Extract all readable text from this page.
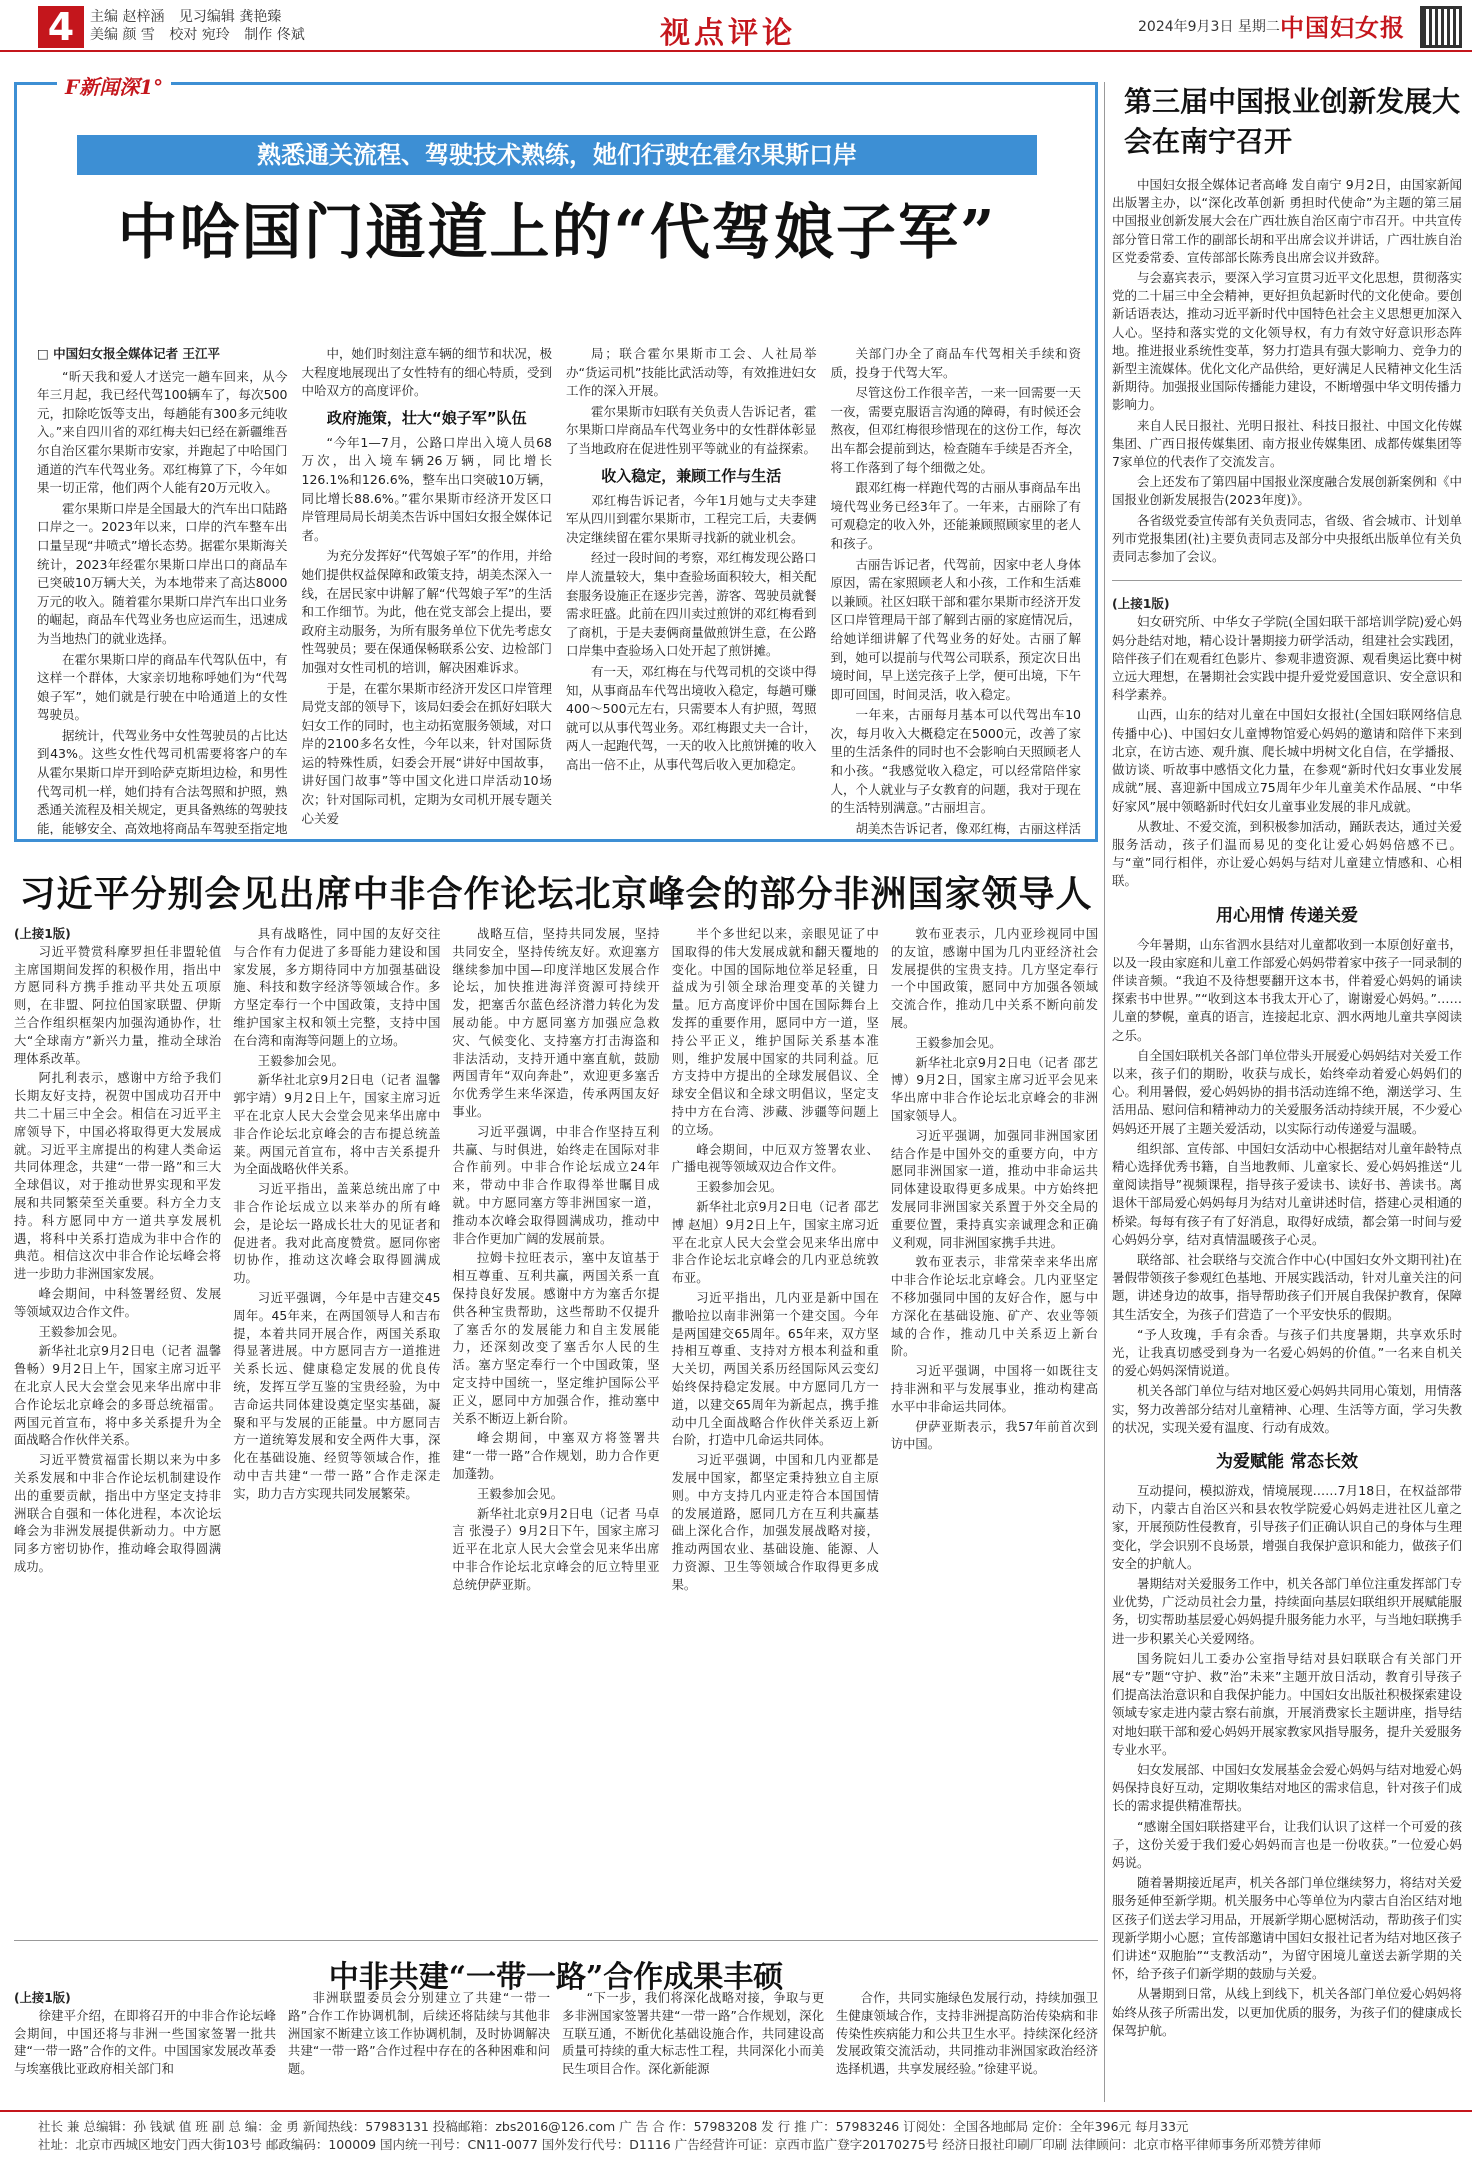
4	主编 赵梓涵 见习编辑 龚艳臻
美编 颜 雪 校对 宛玲 制作 佟斌	视点评论	2024年9月3日 星期二 中国妇女报
F新闻深1°
熟悉通关流程、驾驶技术熟练，她们行驶在霍尔果斯口岸
中哈国门通道上的“代驾娘子军”
□ 中国妇女报全媒体记者 王江平

“昕天我和爱人才送完一趟车回来，从今年三月起，我已经代驾100辆车了，每次500元，扣除吃饭等支出，每趟能有300多元纯收入。”来自四川省的邓红梅夫妇已经在新疆维吾尔自治区霍尔果斯市安家，并跑起了中哈国门通道的汽车代驾业务。邓红梅算了下，今年如果一切正常，他们两个人能有20万元收入。

霍尔果斯口岸是全国最大的汽车出口陆路口岸之一。2023年以来，口岸的汽车整车出口量呈现“井喷式”增长态势。据霍尔果斯海关统计，2023年经霍尔果斯口岸出口的商品车已突破10万辆大关，为本地带来了高达8000万元的收入。随着霍尔果斯口岸汽车出口业务的崛起，商品车代驾业务也应运而生，迅速成为当地热门的就业选择。

在霍尔果斯口岸的商品车代驾队伍中，有这样一个群体，大家亲切地称呼她们为“代驾娘子军”，她们就是行驶在中哈通道上的女性驾驶员。

据统计，代驾业务中女性驾驶员的占比达到43%。这些女性代驾司机需要将客户的车从霍尔果斯口岸开到哈萨克斯坦边检，和男性代驾司机一样，她们持有合法驾照和护照，熟悉通关流程及相关规定，更具备熟练的驾驶技能，能够安全、高效地将商品车驾驶至指定地

中，她们时刻注意车辆的细节和状况，极大程度地展现出了女性特有的细心特质，受到中哈双方的高度评价。

政府施策，壮大“娘子军”队伍

“今年1—7月，公路口岸出入境人员68万次，出入境车辆26万辆，同比增长126.1%和126.6%，整车出口突破10万辆，同比增长88.6%。”霍尔果斯市经济开发区口岸管理局局长胡美杰告诉中国妇女报全媒体记者。

为充分发挥好“代驾娘子军”的作用，并给她们提供权益保障和政策支持，胡美杰深入一线，在居民家中讲解了解“代驾娘子军”的生活和工作细节。为此，他在党支部会上提出，要政府主动服务，为所有服务单位下优先考虑女性驾驶员；要在保通保畅联系公安、边检部门加强对女性司机的培训，解决困难诉求。

于是，在霍尔果斯市经济开发区口岸管理局党支部的领导下，该局妇委会在抓好妇联大妇女工作的同时，也主动拓宽服务领域，对口岸的2100多名女性，今年以来，针对国际货运的特殊性质，妇委会开展“讲好中国故事，讲好国门故事”等中国文化进口岸活动10场次；针对国际司机，定期为女司机开展专题关心关爱

局；联合霍尔果斯市工会、人社局举办“货运司机”技能比武活动等，有效推进妇女工作的深入开展。

霍尔果斯市妇联有关负责人告诉记者，霍尔果斯口岸商品车代驾业务中的女性群体彰显了当地政府在促进性别平等就业的有益探索。

收入稳定，兼顾工作与生活

邓红梅告诉记者，今年1月她与丈夫李建军从四川到霍尔果斯市，工程完工后，夫妻俩决定继续留在霍尔果斯寻找新的就业机会。

经过一段时间的考察，邓红梅发现公路口岸人流量较大，集中查验场面积较大，相关配套服务设施正在逐步完善，游客、驾驶员就餐需求旺盛。此前在四川卖过煎饼的邓红梅看到了商机，于是夫妻俩商量做煎饼生意，在公路口岸集中查验场入口处开起了煎饼摊。

有一天，邓红梅在与代驾司机的交谈中得知，从事商品车代驾出境收入稳定，每趟可赚400～500元左右，只需要本人有护照，驾照就可以从事代驾业务。邓红梅跟丈夫一合计，两人一起跑代驾，一天的收入比煎饼摊的收入高出一倍不止，从事代驾后收入更加稳定。

关部门办全了商品车代驾相关手续和资质，投身于代驾大军。

尽管这份工作很辛苦，一来一回需要一天一夜，需要克服语言沟通的障碍，有时候还会熬夜，但邓红梅很珍惜现在的这份工作，每次出车都会提前到达，检查随车手续是否齐全，将工作落到了每个细微之处。

跟邓红梅一样跑代驾的古丽从事商品车出境代驾业务已经3年了。一年来，古丽除了有可观稳定的收入外，还能兼顾照顾家里的老人和孩子。

古丽告诉记者，代驾前，因家中老人身体原因，需在家照顾老人和小孩，工作和生活难以兼顾。社区妇联干部和霍尔果斯市经济开发区口岸管理局干部了解到古丽的家庭情况后，给她详细讲解了代驾业务的好处。古丽了解到，她可以提前与代驾公司联系，预定次日出境时间，早上送完孩子上学，便可出境，下午即可回国，时间灵活，收入稳定。

一年来，古丽每月基本可以代驾出车10次，每月收入大概稳定在5000元，改善了家里的生活条件的同时也不会影响白天照顾老人和小孩。“我感觉收入稳定，可以经常陪伴家人，个人就业与子女教育的问题，我对于现在的生活特别满意。”古丽坦言。

胡美杰告诉记者，像邓红梅，古丽这样活

第三届中国报业创新发展大会在南宁召开

中国妇女报全媒体记者高峰 发自南宁 9月2日，由国家新闻出版署主办，以“深化改革创新 勇担时代使命”为主题的第三届中国报业创新发展大会在广西壮族自治区南宁市召开。中共宣传部分管日常工作的副部长胡和平出席会议并讲话，广西壮族自治区党委常委、宣传部部长陈秀良出席会议并致辞。

与会嘉宾表示，要深入学习宣贯习近平文化思想，贯彻落实党的二十届三中全会精神，更好担负起新时代的文化使命。要创新话语表达，推动习近平新时代中国特色社会主义思想更加深入人心。坚持和落实党的文化领导权，有力有效守好意识形态阵地。推进报业系统性变革，努力打造具有强大影响力、竞争力的新型主流媒体。优化文化产品供给，更好满足人民精神文化生活新期待。加强报业国际传播能力建设，不断增强中华文明传播力影响力。

来自人民日报社、光明日报社、科技日报社、中国文化传媒集团、广西日报传媒集团、南方报业传媒集团、成都传媒集团等7家单位的代表作了交流发言。

会上还发布了第四届中国报业深度融合发展创新案例和《中国报业创新发展报告(2023年度)》。

各省级党委宣传部有关负责同志，省级、省会城市、计划单列市党报集团(社)主要负责同志及部分中央报纸出版单位有关负责同志参加了会议。

(上接1版)

妇女研究所、中华女子学院(全国妇联干部培训学院)爱心妈妈分赴结对地，精心设计暑期接力研学活动，组建社会实践团，陪伴孩子们在观看红色影片、参观非遗资源、观看奥运比赛中树立远大理想，在暑期社会实践中提升爱党爱国意识、安全意识和科学素养。

山西，山东的结对儿童在中国妇女报社(全国妇联网络信息传播中心)、中国妇女儿童博物馆爱心妈妈的邀请和陪伴下来到北京，在访古迹、观升旗、爬长城中坍树文化自信，在学播报、做访谈、听故事中感悟文化力量，在参观“新时代妇女事业发展成就”展、喜迎新中国成立75周年少年儿童美术作品展、“中华好家风”展中领略新时代妇女儿童事业发展的非凡成就。

从教址、不爱交流，到积极参加活动，踊跃表达，通过关爱服务活动，孩子们温而易见的变化让爱心妈妈倍感不已。与“童”同行相伴，亦让爱心妈妈与结对儿童建立情感和、心相联。

用心用情 传递关爱

今年暑期，山东省泗水县结对儿童都收到一本原创好童书，以及一段由家庭和儿童工作部爱心妈妈带着家中孩子一同录制的伴读音频。“我迫不及待想要翻开这本书，伴着爱心妈妈的诵读探索书中世界。”“收到这本书我太开心了，谢谢爱心妈妈。”……儿童的梦幌，童真的语言，连接起北京、泗水两地儿童共享阅读之乐。

自全国妇联机关各部门单位带头开展爱心妈妈结对关爱工作以来，孩子们的期盼，收获与成长，始终牵动着爱心妈妈们的心。利用暑假，爱心妈妈协的捐书活动连绵不绝，潮送学习、生活用品、慰问信和精神动力的关爱服务活动持续开展，不少爱心妈妈还开展了主题关爱活动，以实际行动传递爱与温暖。

组织部、宣传部、中国妇女活动中心根据结对儿童年龄特点精心选择优秀书籍，自当地教师、儿童家长、爱心妈妈推送“儿童阅读指导”视频课程，指导孩子爱读书、读好书、善读书。离退休干部局爱心妈妈每月为结对儿童讲述时信，搭建心灵相通的桥梁。每每有孩子有了好消息，取得好成绩，都会第一时间与爱心妈妈分享，结对真情温暖孩子心灵。

联络部、社会联络与交流合作中心(中国妇女外文期刊社)在暑假带领孩子参观红色基地、开展实践活动，针对儿童关注的问题，讲述身边的故事，指导帮助孩子们开展自我保护教育，保障其生活安全，为孩子们营造了一个平安快乐的假期。

“予人玫瑰，手有余香。与孩子们共度暑期，共享欢乐时光，让我真切感受到身为一名爱心妈妈的价值。”一名来自机关的爱心妈妈深情说道。

机关各部门单位与结对地区爱心妈妈共同用心策划，用情落实，努力改善部分结对儿童精神、心理、生活等方面，学习失教的状况，实现关爱有温度、行动有成效。

为爱赋能 常态长效

互动提问，模拟游戏，情境展现……7月18日，在权益部带动下，内蒙古自治区兴和县农牧学院爱心妈妈走进社区儿童之家，开展预防性侵教育，引导孩子们正确认识自己的身体与生理变化，学会识别不良场景，增强自我保护意识和能力，做孩子们安全的护航人。

暑期结对关爱服务工作中，机关各部门单位注重发挥部门专业优势，广泛动员社会力量，持续面向基层妇联组织开展赋能服务，切实帮助基层爱心妈妈提升服务能力水平，与当地妇联携手进一步积累关心关爱网络。

国务院妇儿工委办公室指导结对县妇联联合有关部门开展“专”题“守护、救”治”未来”主题开放日活动，教育引导孩子们提高法治意识和自我保护能力。中国妇女出版社积极探索建设领域专家走进内蒙古察右前旗，开展消费家长主题讲座，指导结对地妇联干部和爱心妈妈开展家教家风指导服务，提升关爱服务专业水平。

妇女发展部、中国妇女发展基金会爱心妈妈与结对地爱心妈妈保持良好互动，定期收集结对地区的需求信息，针对孩子们成长的需求提供精准帮扶。

“感谢全国妇联搭建平台，让我们认识了这样一个可爱的孩子，这份关爱于我们爱心妈妈而言也是一份收获。”一位爱心妈妈说。

随着暑期接近尾声，机关各部门单位继续努力，将结对关爱服务延伸至新学期。机关服务中心等单位为内蒙古自治区结对地区孩子们送去学习用品，开展新学期心愿树活动，帮助孩子们实现新学期小心愿；宣传部邀请中国妇女报社记者为结对地区孩子们讲述“双胞胎”“支教活动”，为留守困境儿童送去新学期的关怀，给予孩子们新学期的鼓励与关爱。

从暑期到日常，从线上到线下，机关各部门单位爱心妈妈将始终从孩子所需出发，以更加优质的服务，为孩子们的健康成长保驾护航。

习近平分别会见出席中非合作论坛北京峰会的部分非洲国家领导人
(上接1版)

习近平赞赏科摩罗担任非盟轮值主席国期间发挥的积极作用，指出中方愿同科方携手推动平共处五项原则，在非盟、阿拉伯国家联盟、伊斯兰合作组织框架内加强沟通协作，壮大“全球南方”新兴力量，推动全球治理体系改革。

阿扎利表示，感谢中方给予我们长期友好支持，祝贺中国成功召开中共二十届三中全会。相信在习近平主席领导下，中国必将取得更大发展成就。习近平主席提出的构建人类命运共同体理念，共建“一带一路”和三大全球倡议，对于推动世界实现和平发展和共同繁荣至关重要。科方全力支持。科方愿同中方一道共享发展机遇，将科中关系打造成为非中合作的典范。相信这次中非合作论坛峰会将进一步助力非洲国家发展。

峰会期间，中科签署经贸、发展等领域双边合作文件。

王毅参加会见。

新华社北京9月2日电（记者 温馨 鲁畅）9月2日上午，国家主席习近平在北京人民大会堂会见来华出席中非合作论坛北京峰会的多哥总统福雷。两国元首宣布，将中多关系提升为全面战略合作伙伴关系。

习近平赞赏福雷长期以来为中多关系发展和中非合作论坛机制建设作出的重要贡献，指出中方坚定支持非洲联合自强和一体化进程，本次论坛峰会为非洲发展提供新动力。中方愿同多方密切协作，推动峰会取得圆满成功。

具有战略性，同中国的友好交往与合作有力促进了多哥能力建设和国家发展，多方期待同中方加强基础设施、科技和数字经济等领域合作。多方坚定奉行一个中国政策，支持中国维护国家主权和领土完整，支持中国在台湾和南海等问题上的立场。

王毅参加会见。

新华社北京9月2日电（记者 温馨 郭宇靖）9月2日上午，国家主席习近平在北京人民大会堂会见来华出席中非合作论坛北京峰会的吉布提总统盖莱。两国元首宣布，将中吉关系提升为全面战略伙伴关系。

习近平指出，盖莱总统出席了中非合作论坛成立以来举办的所有峰会，是论坛一路成长壮大的见证者和促进者。我对此高度赞赏。愿同你密切协作，推动这次峰会取得圆满成功。

习近平强调，今年是中吉建交45周年。45年来，在两国领导人和吉布提，本着共同开展合作，两国关系取得显著进展。中方愿同吉方一道推进关系长远、健康稳定发展的优良传统，发挥互学互鉴的宝贵经验，为中吉命运共同体建设奠定坚实基础，凝聚和平与发展的正能量。中方愿同吉方一道统筹发展和安全两件大事，深化在基础设施、经贸等领域合作，推动中吉共建“一带一路”合作走深走实，助力吉方实现共同发展繁荣。

战略互信，坚持共同发展，坚持共同安全，坚持传统友好。欢迎塞方继续参加中国—印度洋地区发展合作论坛，加快推进海洋资源可持续开发，把塞舌尔蓝色经济潜力转化为发展动能。中方愿同塞方加强应急救灾、气候变化、支持塞方打击海盗和非法活动，支持开通中塞直航，鼓励两国青年“双向奔赴”，欢迎更多塞舌尔优秀学生来华深造，传承两国友好事业。

习近平强调，中非合作坚持互利共赢、与时俱进，始终走在国际对非合作前列。中非合作论坛成立24年来，带动中非合作取得举世瞩目成就。中方愿同塞方等非洲国家一道，推动本次峰会取得圆满成功，推动中非合作更加广阔的发展前景。

拉姆卡拉旺表示，塞中友谊基于相互尊重、互利共赢，两国关系一直保持良好发展。感谢中方为塞舌尔提供各种宝贵帮助，这些帮助不仅提升了塞舌尔的发展能力和自主发展能力，还深刻改变了塞舌尔人民的生活。塞方坚定奉行一个中国政策，坚定支持中国统一，坚定维护国际公平正义，愿同中方加强合作，推动塞中关系不断迈上新台阶。

峰会期间，中塞双方将签署共建“一带一路”合作规划，助力合作更加蓬勃。

王毅参加会见。

新华社北京9月2日电（记者 马卓言 张漫子）9月2日下午，国家主席习近平在北京人民大会堂会见来华出席中非合作论坛北京峰会的厄立特里亚总统伊萨亚斯。

半个多世纪以来，亲眼见证了中国取得的伟大发展成就和翻天覆地的变化。中国的国际地位举足轻重，日益成为引领全球治理变革的关键力量。厄方高度评价中国在国际舞台上发挥的重要作用，愿同中方一道，坚持公平正义，维护国际关系基本准则，维护发展中国家的共同利益。厄方支持中方提出的全球发展倡议、全球安全倡议和全球文明倡议，坚定支持中方在台湾、涉藏、涉疆等问题上的立场。

峰会期间，中厄双方签署农业、广播电视等领域双边合作文件。

王毅参加会见。

新华社北京9月2日电（记者 邵艺博 赵旭）9月2日上午，国家主席习近平在北京人民大会堂会见来华出席中非合作论坛北京峰会的几内亚总统敦布亚。

习近平指出，几内亚是新中国在撒哈拉以南非洲第一个建交国。今年是两国建交65周年。65年来，双方坚持相互尊重、支持对方根本利益和重大关切，两国关系历经国际风云变幻始终保持稳定发展。中方愿同几方一道，以建交65周年为新起点，携手推动中几全面战略合作伙伴关系迈上新台阶，打造中几命运共同体。

习近平强调，中国和几内亚都是发展中国家，都坚定秉持独立自主原则。中方支持几内亚走符合本国国情的发展道路，愿同几方在互利共赢基础上深化合作，加强发展战略对接，推动两国农业、基础设施、能源、人力资源、卫生等领域合作取得更多成果。

敦布亚表示，几内亚珍视同中国的友谊，感谢中国为几内亚经济社会发展提供的宝贵支持。几方坚定奉行一个中国政策，愿同中方加强各领域交流合作，推动几中关系不断向前发展。

王毅参加会见。

新华社北京9月2日电（记者 邵艺博）9月2日，国家主席习近平会见来华出席中非合作论坛北京峰会的非洲国家领导人。

习近平强调，加强同非洲国家团结合作是中国外交的重要方向，中方愿同非洲国家一道，推动中非命运共同体建设取得更多成果。中方始终把发展同非洲国家关系置于外交全局的重要位置，秉持真实亲诚理念和正确义利观，同非洲国家携手共进。

敦布亚表示，非常荣幸来华出席中非合作论坛北京峰会。几内亚坚定不移加强同中国的友好合作，愿与中方深化在基础设施、矿产、农业等领域的合作，推动几中关系迈上新台阶。

习近平强调，中国将一如既往支持非洲和平与发展事业，推动构建高水平中非命运共同体。

伊萨亚斯表示，我57年前首次到访中国。

中非共建“一带一路”合作成果丰硕
(上接1版)

徐建平介绍，在即将召开的中非合作论坛峰会期间，中国还将与非洲一些国家签署一批共建“一带一路”合作的文件。中国国家发展改革委与埃塞俄比亚政府相关部门和

非洲联盟委员会分别建立了共建“一带一路”合作工作协调机制，后续还将陆续与其他非洲国家不断建立该工作协调机制，及时协调解决共建“一带一路”合作过程中存在的各种困难和问题。

“下一步，我们将深化战略对接，争取与更多非洲国家签署共建“一带一路”合作规划，深化互联互通，不断优化基础设施合作，共同建设高质量可持续的重大标志性工程，共同深化小而美民生项目合作。深化新能源

合作，共同实施绿色发展行动，持续加强卫生健康领域合作，支持非洲提高防治传染病和非传染性疾病能力和公共卫生水平。持续深化经济发展政策交流活动，共同推动非洲国家政治经济选择机遇，共享发展经验。”徐建平说。

社长 兼 总编辑：孙 钱斌 值 班 副 总 编：金 勇 新闻热线：57983131 投稿邮箱：zbs2016@126.com 广 告 合 作：57983208 发 行 推 广：57983246 订阅处：全国各地邮局 定价：全年396元 每月33元
社址：北京市西城区地安门西大街103号 邮政编码：100009 国内统一刊号：CN11-0077 国外发行代号：D1116 广告经营许可证：京西市监广登字20170275号 经济日报社印刷厂印刷 法律顾问：北京市格平律师事务所邓赞芳律师
